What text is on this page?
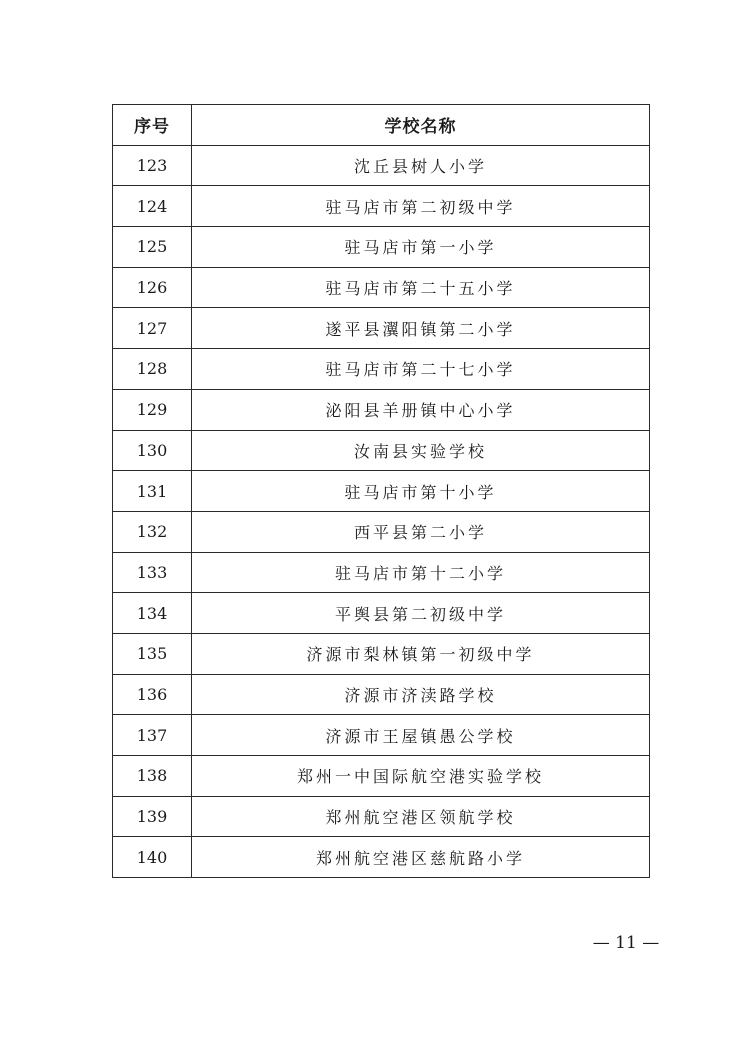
序号	学校名称
123	沈丘县树人小学
124	驻马店市第二初级中学
125	驻马店市第一小学
126	驻马店市第二十五小学
127	遂平县瀷阳镇第二小学
128	驻马店市第二十七小学
129	泌阳县羊册镇中心小学
130	汝南县实验学校
131	驻马店市第十小学
132	西平县第二小学
133	驻马店市第十二小学
134	平舆县第二初级中学
135	济源市梨林镇第一初级中学
136	济源市济渎路学校
137	济源市王屋镇愚公学校
138	郑州一中国际航空港实验学校
139	郑州航空港区领航学校
140	郑州航空港区慈航路小学
— 11 —
